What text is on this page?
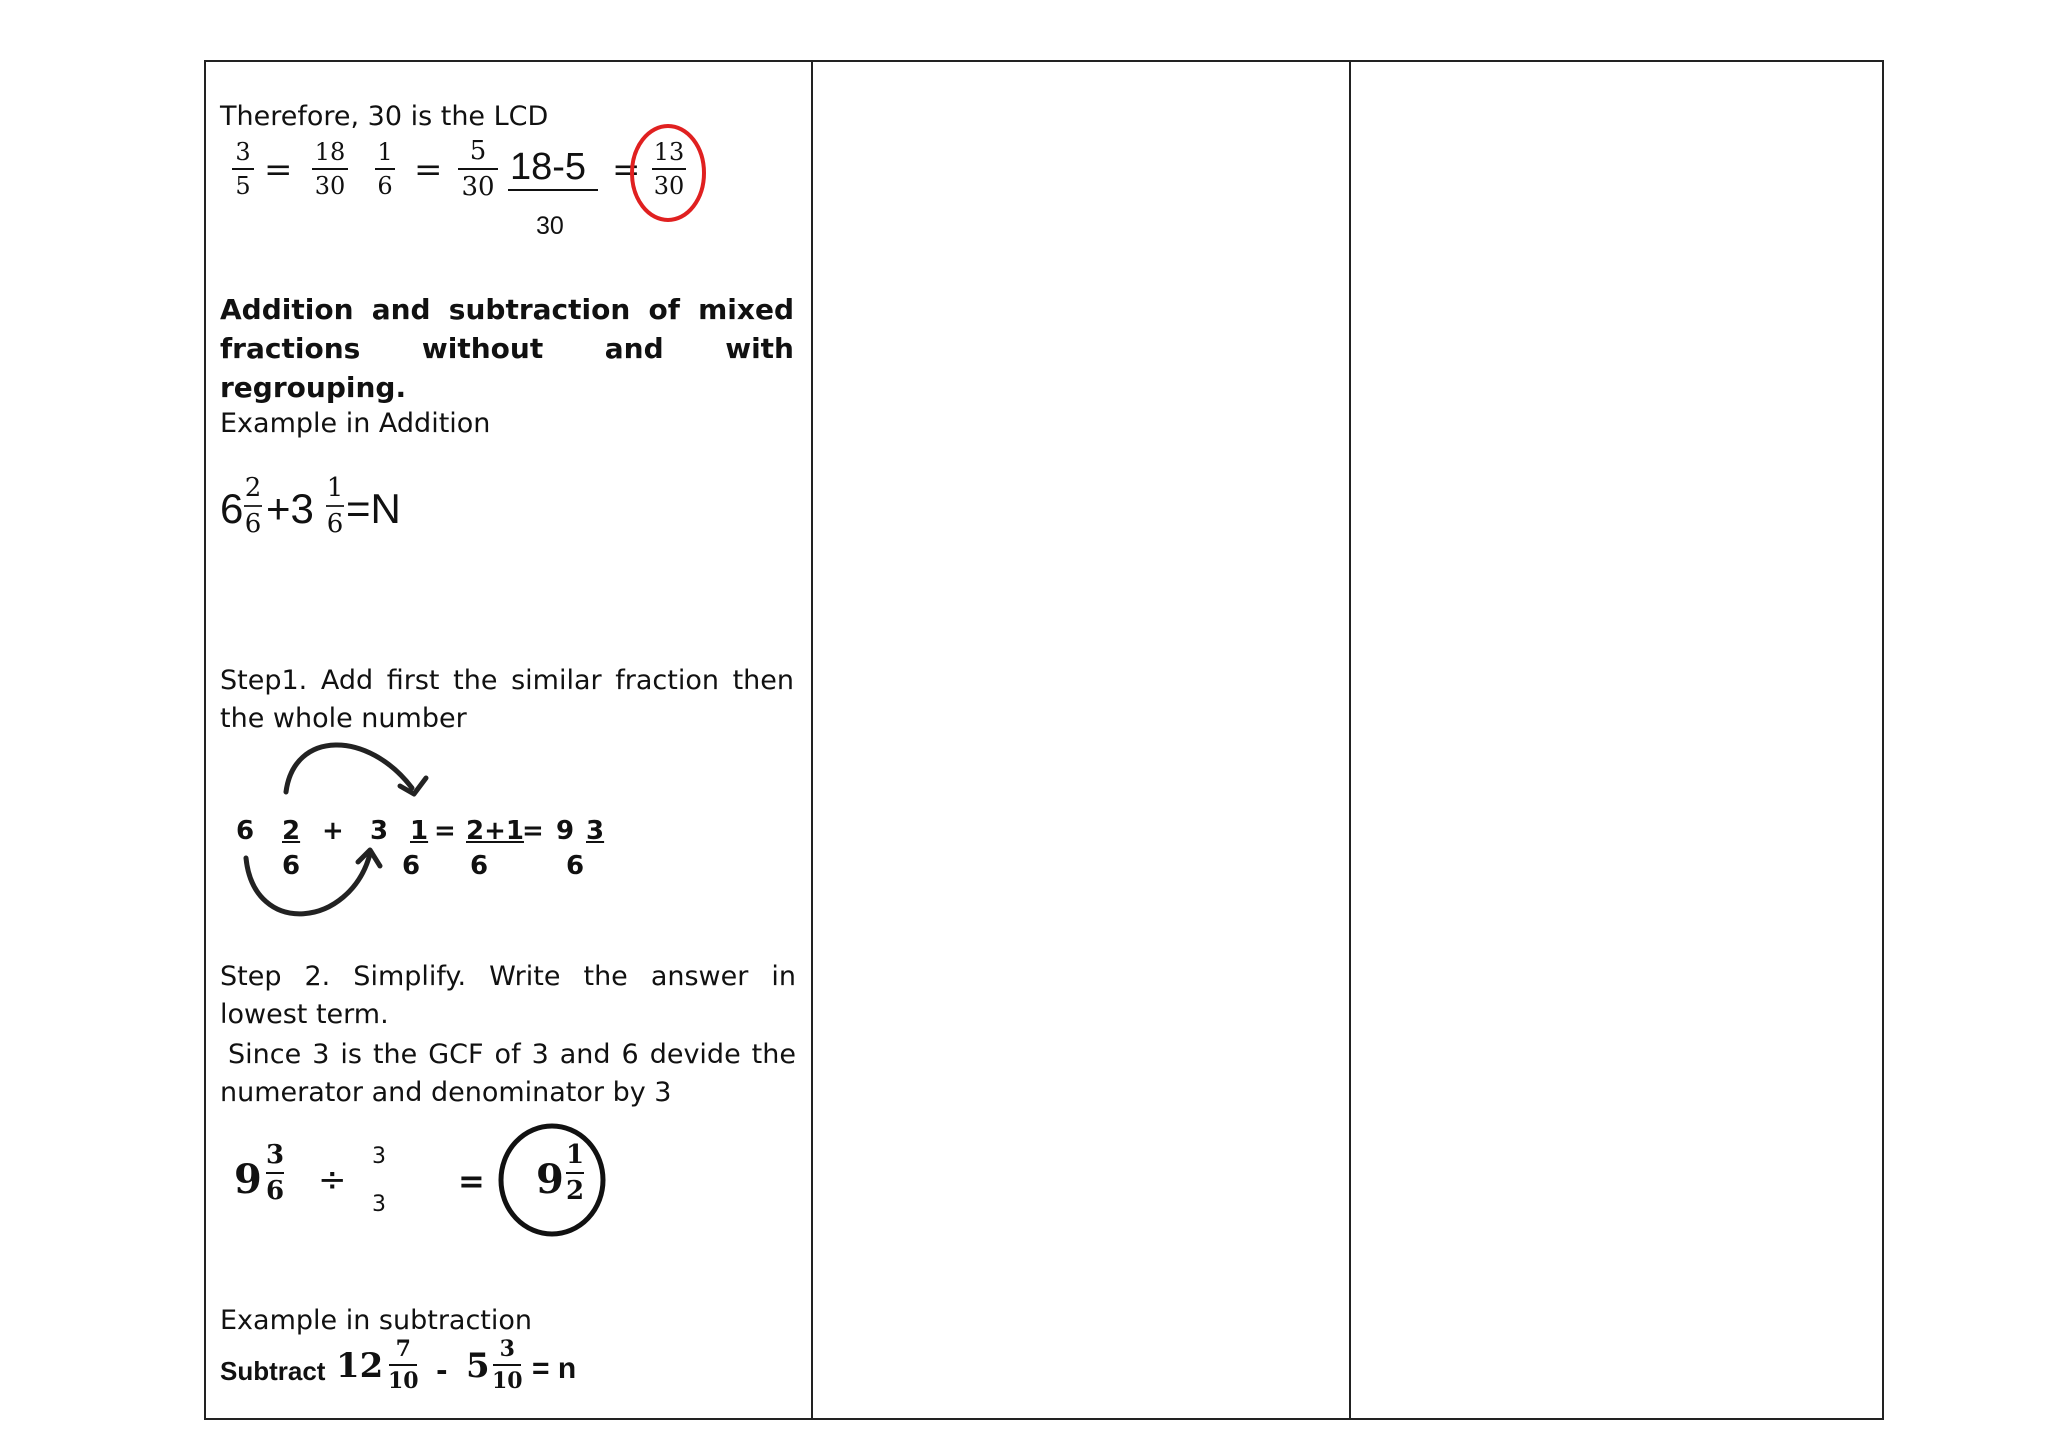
Therefore, 30 is the LCD
3
5 = 18
30
1
6 = 5
30 18-5
30
= 13
30
Addition and subtraction of mixed fractions without and with regrouping.
Example in Addition
6 2
6 +3 1
6 =N
Step1. Add first the similar fraction then the whole number
6 2
6
+ 3 1
6
= 2+1
6
= 9 3
6
Step 2. Simplify. Write the answer in lowest term.
Since 3 is the GCF of 3 and 6 devide the numerator and denominator by 3
9
3
6 ÷
3
3
= 9
1
2
Example in subtraction
Subtract 12 7
10 - 5 3
10 = n
